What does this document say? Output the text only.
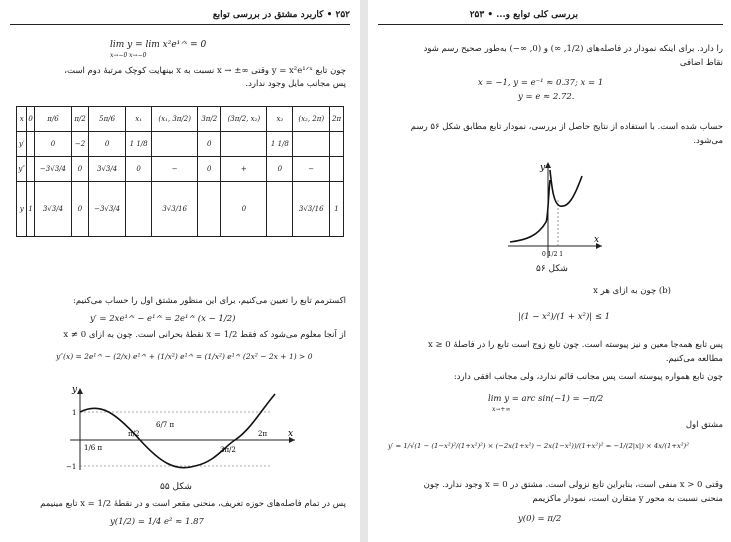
۲۵۲ • کاربرد مشتق در بررسی توابع
lim y = lim x²e¹ᐟˣ = 0
x→−0 x→−0
چون تابع y = x²e¹ᐟˣ وقتی ∞± → x نسبت به x بینهایت کوچک مرتبهٔ دوم است،
پس مجانب مایل وجود ندارد.
x	0	π/6	π/2	5π/6	x₁	(x₁, 3π/2)	3π/2	(3π/2, x₂)	x₂	(x₂, 2π)	2π
y′		0	−2	0	1 1/8		0		1 1/8		
y″		−3√3/4	0	3√3/4	0	−	0	+	0	−	
y	1	3√3/4	0	−3√3/4		3√3/16		0		3√3/16	1
اکسترمم تابع را تعیین می‌کنیم، برای این منظور مشتق اول را حساب می‌کنیم:
y′ = 2xe¹ᐟˣ − e¹ᐟˣ = 2e¹ᐟˣ (x − 1/2)
از آنجا معلوم می‌شود که فقط x = 1/2 نقطهٔ بحرانی است. چون به ازای x ≠ 0
y″(x) = 2e¹ᐟˣ − (2/x) e¹ᐟˣ + (1/x²) e¹ᐟˣ = (1/x²) e¹ᐟˣ (2x² − 2x + 1) > 0
y
x
1
π/2
6/7 π
3π/2
2π
1/6 π
−1
شکل ۵۵
پس در تمام فاصله‌های حوزه تعریف، منحنی مقعر است و در نقطهٔ x = 1/2 تابع مینیمم
y(1/2) = 1/4 e² ≈ 1.87
بررسی کلی توابع و... • ۲۵۳
را دارد. برای اینکه نمودار در فاصله‌های (1/2, ∞) و (0, ∞−) به‌طور صحیح رسم شود
نقاط اضافی
x = −1, y = e⁻¹ ≈ 0.37; x = 1
y = e ≈ 2.72.
حساب شده است. با استفاده از نتایج حاصل از بررسی، نمودار تابع مطابق شکل ۵۶ رسم
می‌شود.
y
x
0 1/2 1
شکل ۵۶
(b) چون به ازای هر x
|(1 − x²)/(1 + x²)| ≤ 1
پس تابع همه‌جا معین و نیز پیوسته است. چون تابع زوج است تابع را در فاصلهٔ 0 ≤ x
مطالعه می‌کنیم.
چون تابع همواره پیوسته است پس مجانب قائم ندارد، ولی مجانب افقی دارد:
lim y = arc sin(−1) = −π/2
x→+∞
مشتق اول
y′ = 1/√(1 − (1−x²)²/(1+x²)²) × (−2x(1+x²) − 2x(1−x²))/(1+x²)² = −1/(2|x|) × 4x/(1+x²)²
وقتی x > 0 منفی است، بنابراین تابع نزولی است. مشتق در x = 0 وجود ندارد. چون
منحنی نسبت به محور y متقارن است، نمودار ماکزیمم
y(0) = π/2
